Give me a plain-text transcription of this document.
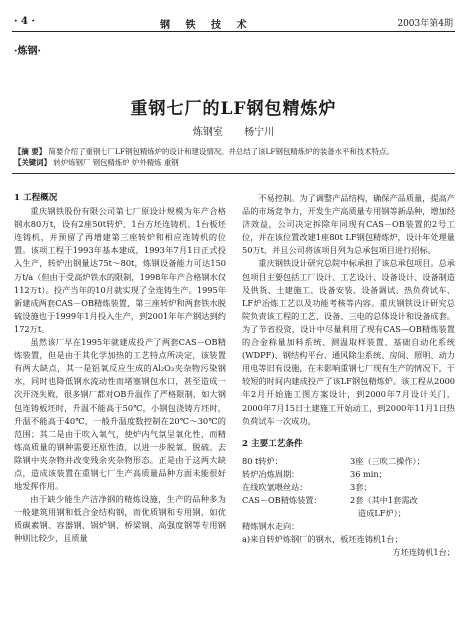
· 4 ·	钢 铁 技 术	2003年第4期
·炼钢·
重钢七厂的LF钢包精炼炉
炼钢室 杨宁川
【摘 要】 简要介绍了重钢七厂LF钢包精炼炉的设计和建设情况。并总结了该LF钢包精炼炉的装备水平和技术特点。
【关键词】 转炉炼钢厂 钢包精炼炉 炉外精炼 重钢
1 工程概况

重庆钢铁股份有限公司第七厂原设计规模为年产合格钢水80万t，设有2座50t转炉、1台方坯连铸机、1台板坯连铸机，并预留了再增建第三座转炉和相应连铸机的位置。该项工程于1993年基本建成，1993年7月1日正式投入生产，转炉出钢量达75t～80t，炼钢设备能力可达150万t/a（但由于受高炉铁水的限制，1998年年产合格钢水仅112万t）。投产当年的10月就实现了全连铸生产。1995年新建成两套CAS－OB精炼装置，第三座转炉和两套铁水脱硫设施也于1999年1月投入生产，到2001年年产钢达到约172万t。

虽然该厂早在1995年就建成投产了两套CAS－OB精炼装置，但是由于其化学加热的工艺特点所决定，该装置有两大缺点，其一是铝氧反应生成的Al₂O₃夹杂物污染钢水，同时也降低钢水流动性而堵塞钢包水口，甚至造成一次开浇失败，很多钢厂都对OB升温作了严格限制，如大钢包连铸板坯时，升温不能高于50℃，小钢包浇铸方坯时，升温不能高于40℃，一般升温度数控制在20℃～30℃的范围；其二是由于吹入氧气，使炉内气氛呈氧化性，而精炼高质量的钢种需要还原性渣，以进一步脱氧、脱硫、去除钢中夹杂物并改变残余夹杂物形态。正是由于这两大缺点，造成该装置在重钢七厂生产高质量品种方面未能很好地发挥作用。

由于缺少能生产洁净钢的精炼设施，生产的品种多为一般建筑用钢和低合金结构钢，而优质钢和专用钢，如优质碳素钢、容器钢、锅炉钢、桥梁钢、高强度钢等专用钢种则比较少，且质量

不易控制。为了调整产品结构，确保产品质量，提高产品的市场竞争力，开发生产高质量专用钢等新品种，增加经济效益，公司决定拆除年同现有CAS－OB装置的2号工位，并在该位置改建1座80t LF钢包精炼炉，设计年处理量50万t，并且公司将该项目列为总承包项目进行招标。

重庆钢铁设计研究总院中标承担了该总承包项目。总承包项目主要包括工厂设计、工艺设计、设备设计、设备制造及供货、土建施工、设备安装、设备调试、热负荷试车、LF炉冶炼工艺以及功能考核等内容。重庆钢铁设计研究总院负责该工程的工艺、设备、三电的总体设计和设备成套。为了节省投资，设计中尽量利用了现有CAS—OB精炼装置的合金称量加料系统、测温取样装置、基础自动化系统(WDPF)、钢结构平台、通风除尘系统、房间、照明、动力用电等旧有设施，在未影响重钢七厂现有生产的情况下，于较短的时间内建成投产了该LF钢包精炼炉。该工程从2000年2月开始施工图方案设计，到2000年7月设计关门，2000年7月15日土建施工开始动工，到2000年11月1日热负荷试车一次成功。

2 主要工艺条件
80 t转炉：	3座（三吹二操作）；
转炉冶炼周期：	36 min；
在线吹氩喂丝站：	3套；
CAS－OB精炼装置：	2套（其中1套需改
造成LF炉）；
精炼钢水走向：
a)来自转炉炼钢厂的钢水，板坯连铸机1台；
方坯连铸机1台；
